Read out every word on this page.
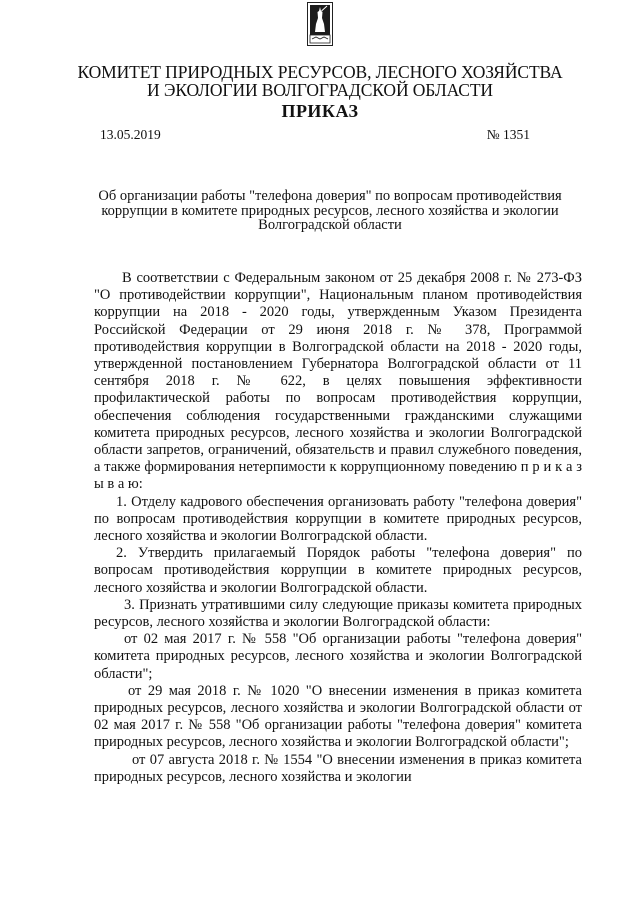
КОМИТЕТ ПРИРОДНЫХ РЕСУРСОВ, ЛЕСНОГО ХОЗЯЙСТВА
И ЭКОЛОГИИ ВОЛГОГРАДСКОЙ ОБЛАСТИ
ПРИКАЗ
13.05.2019	№ 1351
Об организации работы "телефона доверия" по вопросам противодействия коррупции в комитете природных ресурсов, лесного хозяйства и экологии Волгоградской области

В соответствии с Федеральным законом от 25 декабря 2008 г. № 273-ФЗ "О противодействии коррупции", Национальным планом противодействия коррупции на 2018 - 2020 годы, утвержденным Указом Президента Российской Федерации от 29 июня 2018 г. № 378, Программой противодействия коррупции в Волгоградской области на 2018 - 2020 годы, утвержденной постановлением Губернатора Волгоградской области от 11 сентября 2018 г. № 622, в целях повышения эффективности профилактической работы по вопросам противодействия коррупции, обеспечения соблюдения государственными гражданскими служащими комитета природных ресурсов, лесного хозяйства и экологии Волгоградской области запретов, ограничений, обязательств и правил служебного поведения, а также формирования нетерпимости к коррупционному поведению п р и к а з ы в а ю:

1. Отделу кадрового обеспечения организовать работу "телефона доверия" по вопросам противодействия коррупции в комитете природных ресурсов, лесного хозяйства и экологии Волгоградской области.

2. Утвердить прилагаемый Порядок работы "телефона доверия" по вопросам противодействия коррупции в комитете природных ресурсов, лесного хозяйства и экологии Волгоградской области.

3. Признать утратившими силу следующие приказы комитета природных ресурсов, лесного хозяйства и экологии Волгоградской области:

от 02 мая 2017 г. № 558 "Об организации работы "телефона доверия" комитета природных ресурсов, лесного хозяйства и экологии Волгоградской области";

от 29 мая 2018 г. № 1020 "О внесении изменения в приказ комитета природных ресурсов, лесного хозяйства и экологии Волгоградской области от 02 мая 2017 г. № 558 "Об организации работы "телефона доверия" комитета природных ресурсов, лесного хозяйства и экологии Волгоградской области";

от 07 августа 2018 г. № 1554 "О внесении изменения в приказ комитета природных ресурсов, лесного хозяйства и экологии
